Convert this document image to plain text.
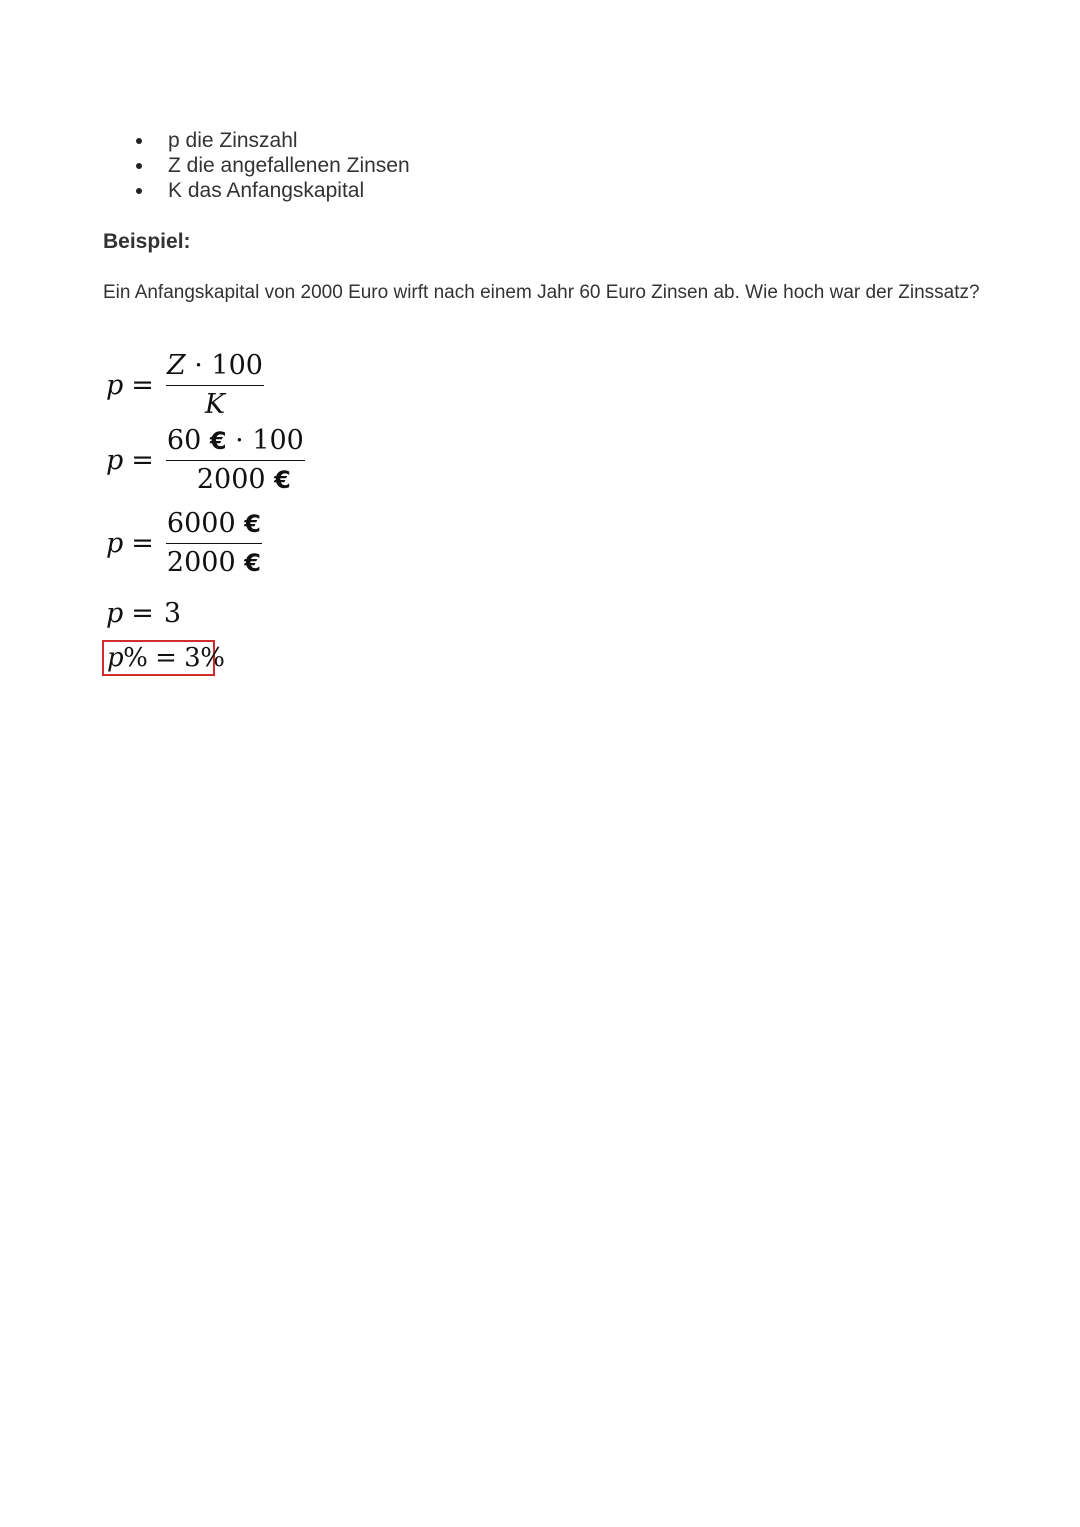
p die Zinszahl
Z die angefallenen Zinsen
K das Anfangskapital
Beispiel:

Ein Anfangskapital von 2000 Euro wirft nach einem Jahr 60 Euro Zinsen ab. Wie hoch war der Zinssatz?

$p = \frac{Z \cdot 100}{K}$
$p = \frac{60 € \cdot 100}{2000 €}$
$p = \frac{6000 €}{2000 €}$
p = 3
p % = 3%
